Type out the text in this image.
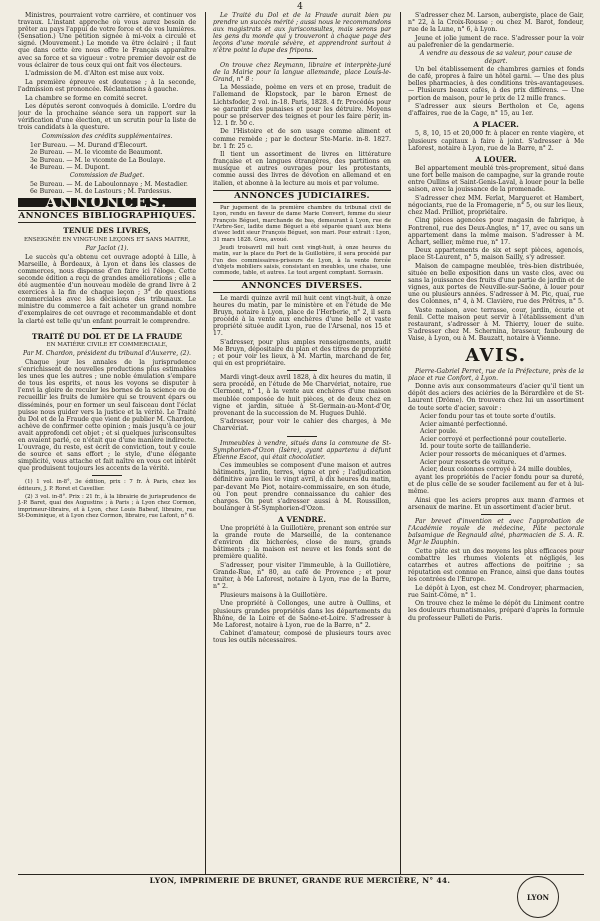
4

Ministres, pourraient votre carrière, et continuer vos travaux. L'instant approche où vous aurez besoin de prêter au pays l'appui de votre force et de vos lumières. (Sensation.) Une pétition signée à mi-voix a circulé et signé. (Mouvement.) Le monde va être éclairé ; il faut que dans cette ère nous offre le Français apparaître avec sa force et sa vigueur : votre premier devoir est de vous éclairer de tous ceux qui ont fait vos électeurs.

L'admission de M. d'Alton est mise aux voix.

La première épreuve est douteuse ; à la seconde, l'admission est prononcée. Réclamations à gauche.

La chambre se forme en comité secret.

Les députés seront convoqués à domicile. L'ordre du jour de la prochaine séance sera un rapport sur la vérification d'une élection, et un scrutin pour la liste de trois candidats à la questure.

Commission des crédits supplémentaires.

1er Bureau. — M. Durand d'Élecourt.

2e Bureau. — M. le vicomte de Beaumont.

3e Bureau. — M. le vicomte de La Boulaye.

4e Bureau. — M. Dupont.

Commission de Budget.

5e Bureau. — M. de Laboulonnaye ; M. Mestadier.

6e Bureau. — M. de Lastours ; M. Pardessus.

ANNONCES.
ANNONCES BIBLIOGRAPHIQUES.
TENUE DES LIVRES,

ENSEIGNÉE EN VINGT-UNE LEÇONS ET SANS MAITRE,

Par Jaclot (1).

Le succès qu'a obtenu cet ouvrage adopté à Lille, à Marseille, à Bordeaux, à Lyon et dans les classes de commerces, nous dispense d'en faire ici l'éloge. Cette seconde édition a reçu de grandes améliorations ; elle a été augmentée d'un nouveau modèle de grand livre à 2 exercices à la fin de chaque leçon ; 3° de questions commerciales avec les décisions des tribunaux. Le ministre du commerce a fait acheter un grand nombre d'exemplaires de cet ouvrage et recommandable et dont la clarté est telle qu'un enfant pourrait le comprendre.

TRAITÉ DU DOL ET DE LA FRAUDE

EN MATIÈRE CIVILE ET COMMERCIALE,

Par M. Chardon, président du tribunal d'Auxerre, (2).

Chaque jour les annales de la jurisprudence s'enrichissent de nouvelles productions plus estimables les unes que les autres ; une noble émulation s'empare de tous les esprits, et nous les voyons se disputer à l'envi la gloire de reculer les bornes de la science ou de recueillir les fruits de lumière qui se trouvent épars ou disséminés, pour en former un seul faisceau dont l'éclat puisse nous guider vers la justice et la vérité. Le Traité du Dol et de la Fraude que vient de publier M. Chardon, achève de confirmer cette opinion ; mais jusqu'à ce jour avait approfondi cet objet ; et si quelques jurisconsultes en avaient parlé, ce n'était que d'une manière indirecte. L'ouvrage, du reste, est écrit de conviction, tout y coule de source et sans effort ; le style, d'une élégante simplicité, vous attache et fait naître en vous cet intérêt que produisent toujours les accents de la vérité.

(1) 1 vol. in-8°, 3e édition, prix : 7 fr. À Paris, chez les éditeurs, J. P. Roret et Cavellier.

(2) 3 vol. in-8°. Prix : 21 fr., à la librairie de jurisprudence de J.-P. Baret, quai des Augustins ; à Paris ; à Lyon chez Cormon, imprimeur-libraire, et à Lyon, chez Louis Babeuf, libraire, rue St-Dominique, et à Lyon chez Cormon, libraire, rue Lafont, n° 6.

Le Traité du Dol et de la Fraude aurait bien pu prendre un succès mérité ; aussi nous le recommandons aux magistrats et aux jurisconsultes, mais serons par les gens du monde qui y trouveront à chaque page des leçons d'une morale sévère, et apprendront surtout à n'être point la dupe des fripons.

On trouve chez Reymann, libraire et interprète-juré de la Mairie pour la langue allemande, place Louis-le-Grand, n° 8 :

La Messiade, poème en vers et en prose, traduit de l'allemand de Klopstock, par le baron Ernest de Lichtsfoder, 2 vol. in-18. Paris, 1828. 4 fr. Procédés pour se garantir des punaises et pour les détruire. Moyens pour se préserver des teignes et pour les faire périr, in-12. 1 fr. 50 c.

De l'Histoire et de son usage comme aliment et comme remède ; par le docteur Ste-Marie. in-8. 1827. br. 1 fr. 25 c.

Il tient un assortiment de livres en littérature française et en langues étrangères, des partitions en musique et autres ouvrages pour les protestants, comme aussi des livres de dévotion en allemand et en italien, et abonne à la lecture au mois et par volume.

ANNONCES JUDICIAIRES.

Par jugement de la première chambre du tribunal civil de Lyon, rendu en faveur de dame Marie Convert, femme du sieur François Béguet, marchande de bas, demeurant à Lyon, rue de l'Arbre-Sec, ladite dame Béguet a été séparée quant aux biens d'avec ledit sieur François Béguet, son mari. Pour extrait : Lyon, 31 mars 1828. Gros, avoué.

Jeudi troisavril mil huit cent vingt-huit, à onze heures du matin, sur la place du Port de la Guillotière, il sera procédé par l'un des commissaires-priseurs de Lyon, à la vente forcée d'objets mobiliers saisis, consistant en meubles, une chaise, une commode, table, et autres. Le tout argent comptant. Sorrasin.

ANNONCES DIVERSES.

Le mardi quinze avril mil huit cent vingt-huit, à onze heures du matin, par le ministère et en l'étude de Me Bruyn, notaire à Lyon, place de l'Herberie, n° 2, il sera procédé à la vente aux enchères d'une belle et vaste propriété située audit Lyon, rue de l'Arsenal, nos 15 et 17.

S'adresser, pour plus amples renseignements, audit Me Bruyn, dépositaire du plan et des titres de propriété ; et pour voir les lieux, à M. Martin, marchand de fer, qui en est propriétaire.

Mardi vingt-deux avril 1828, à dix heures du matin, il sera procédé, en l'étude de Me Charvériat, notaire, rue Clermont, n° 1, à la vente aux enchères d'une maison meublée composée de huit pièces, et de deux chez en vigne et jardin, située à St-Germain-au-Mont-d'Or, provenant de la succession de M. Hugues Duhlé.

S'adresser, pour voir le cahier des charges, à Me Charvériat.

Immeubles à vendre, situés dans la commune de St-Symphorien-d'Ozon (Isère), ayant appartenu à défunt Étienne Escot, qui était chocolatier.

Ces immeubles se composent d'une maison et autres bâtiments, jardin, terres, vigne et pré ; l'adjudication définitive aura lieu le vingt avril, à dix heures du matin, par-devant Me Piot, notaire-commissaire, en son étude, où l'on peut prendre connaissance du cahier des charges. On peut s'adresser aussi à M. Roussillon, boulanger à St-Symphorien-d'Ozon.

A VENDRE.

Une propriété à la Guillotière, prenant son entrée sur la grande route de Marseille, de la contenance d'environ dix bicherées, close de murs, grands bâtiments ; la maison est neuve et les fonds sont de première qualité.

S'adresser, pour visiter l'immeuble, à la Guillotière, Grande-Rue, n° 80, au café de Provence ; et pour traiter, à Me Laforest, notaire à Lyon, rue de la Barre, n° 2.

Plusieurs maisons à la Guillotière.

Une propriété à Collonges, une autre à Oullins, et plusieurs grandes propriétés dans les départements du Rhône, de la Loire et de Saône-et-Loire. S'adresser à Me Laforest, notaire à Lyon, rue de la Barre, n° 2.

Cabinet d'amateur, composé de plusieurs tours avec tous les outils nécessaires.

S'adresser chez M. Larson, aubergiste, place de Gair, n° 22, à la Croix-Rousse ; ou chez M. Barot, fondeur, rue de la Lune, n° 6, à Lyon.

Jeune et jolie jument de race. S'adresser pour la voir au palefrenier de la gendarmerie.

A vendre au dessous de sa valeur, pour cause de départ.

Un bel établissement de chambres garnies et fonds de café, propres à faire un hôtel garni. — Une des plus belles pharmacies, à des conditions très-avantageuses. — Plusieurs beaux cafés, à des prix différens. — Une portion de maison, pour le prix de 12 mille francs.

S'adresser aux sieurs Bertholon et Ce, agens d'affaires, rue de la Cage, n° 15, au 1er.

A PLACER.

5, 8, 10, 15 et 20,000 fr. à placer en rente viagère, et plusieurs capitaux à faire à joint. S'adresser à Me Laforest, notaire à Lyon, rue de la Barre, n° 2.

A LOUER.

Bel appartement meublé très-proprement, situé dans une fort belle maison de campagne, sur la grande route entre Oullins et Saint-Genis-Laval, à louer pour la belle saison, avec la jouissance de la promenade.

S'adresser chez MM. Ferlat, Margueret et Hambert, négociants, rue de la Fromagerie, n° 5, ou sur les lieux, chez Mad. Prilliot, propriétaire.

Cinq pièces agencées pour magasin de fabrique, à Fontrenol, rue des Deux-Angles, n° 17, avec ou sans un appartement dans la même maison. S'adresser à M. Achart, sellier, même rue, n° 17.

Deux appartements de six et sept pièces, agencés, place St-Laurent, n° 5, maison Sailly, s'y adresser.

Maison de campagne meublée, très-bien distribuée, située en belle exposition dans un vaste clos, avec ou sans la jouissance des fruits d'une partie de jardin et de vignes, aux portes de Neuville-sur-Saône, à louer pour une ou plusieurs années. S'adresser à M. Pic, quai, rue des Colonnes, n° 4, à M. Clavière, rue des Prêtres, n° 5.

Vaste maison, avec terrasse, cour, jardin, écurie et fenil. Cette maison peut servir à l'établissement d'un restaurant, s'adresser à M. Thierry, louer de suite. S'adresser chez M. Schernina, brasseur, faubourg de Vaise, à Lyon, ou à M. Bauzatt, notaire à Vienne.

AVIS.

Pierre-Gabriel Perret, rue de la Préfecture, près de la place et rue Confort, à Lyon.

Donne avis aux consommateurs d'acier qu'il tient un dépôt des aciers des aciéries de la Bérardière et de St-Laurent (Drôme). On trouvera chez lui un assortiment de toute sorte d'acier, savoir :

Acier fondu pour tas et toute sorte d'outils.

Acier aimanté perfectionné.

Acier poule.

Acier corroyé et perfectionné pour coutellerie.

Id. pour toute sorte de taillanderie.

Acier pour ressorts de mécaniques et d'armes.

Acier pour ressorts de voiture.

Acier, deux colonnes corroyé à 24 mille doubles,

ayant les propriétés de l'acier fondu pour sa dureté, et de plus celle de se souder facilement au fer et à lui-même.

Ainsi que les aciers propres aux mann d'armes et arsenaux de marine. Et un assortiment d'acier brut.

Par brevet d'invention et avec l'approbation de l'Académie royale de médecine, Pâte pectorale balsamique de Regnauld aîné, pharmacien de S. A. R. Mgr le Dauphin.

Cette pâte est un des moyens les plus efficaces pour combattre les rhumes violents et négligés, les catarrhes et autres affections de poitrine ; sa réputation est connue en France, ainsi que dans toutes les contrées de l'Europe.

Le dépôt à Lyon, est chez M. Condroyer, pharmacien, rue Saint-Côme, n° 1.

On trouve chez le même le dépôt du Liniment contre les douleurs rhumatismales, préparé d'après la formule du professeur Palleti de Paris.

LYON, IMPRIMERIE DE BRUNET, GRANDE RUE MERCIÈRE, N° 44.
LYON
